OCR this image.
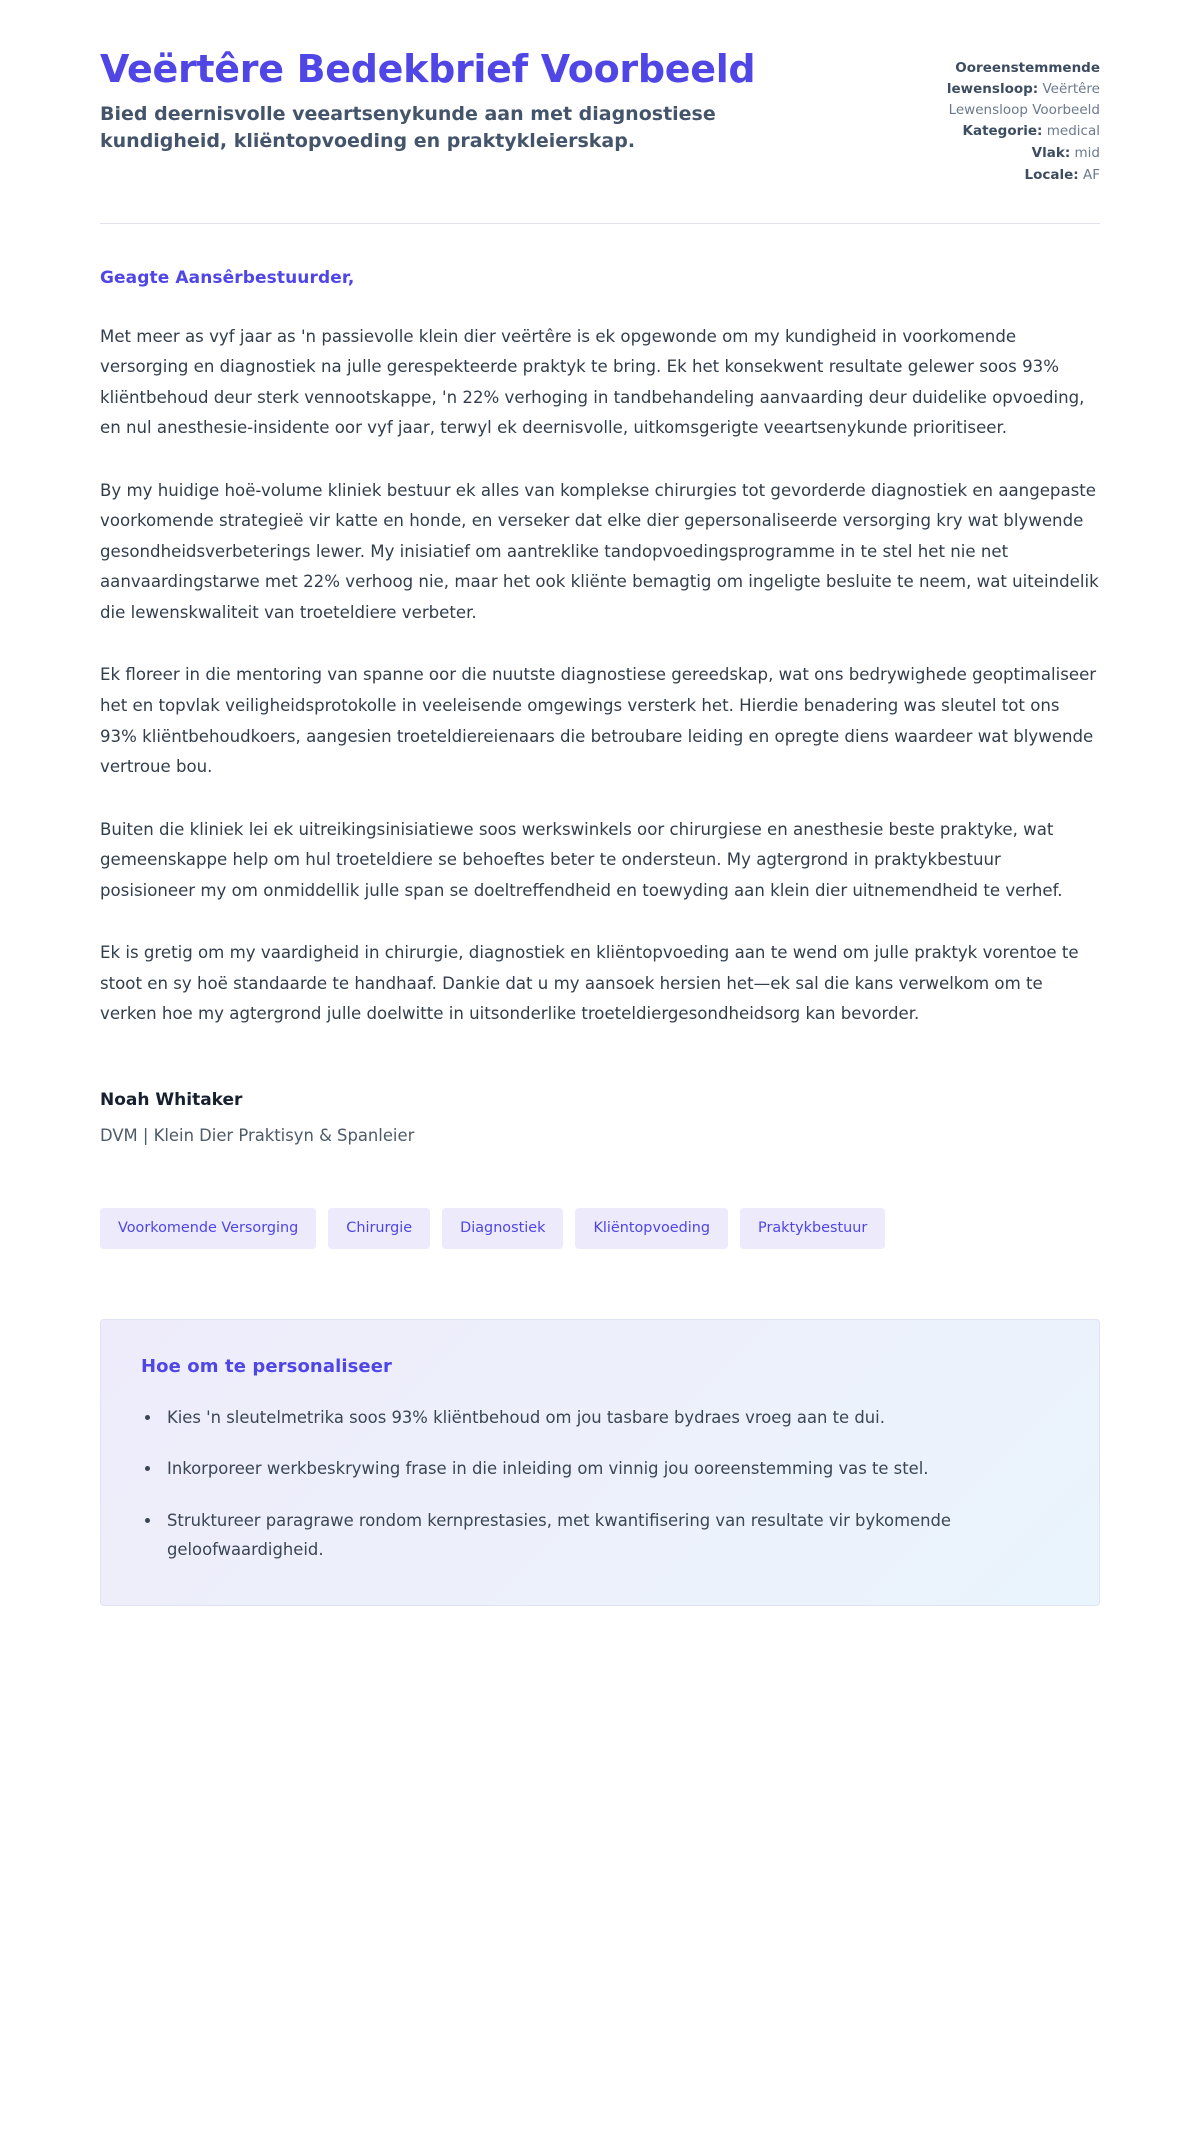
Veërtêre Bedekbrief Voorbeeld
Bied deernisvolle veeartsenykunde aan met diagnostiese kundigheid, kliëntopvoeding en praktykleierskap.
Ooreenstemmende lewensloop: Veërtêre Lewensloop Voorbeeld
Kategorie: medical
Vlak: mid
Locale: AF
Geagte Aansêrbestuurder,

Met meer as vyf jaar as 'n passievolle klein dier veërtêre is ek opgewonde om my kundigheid in voorkomende versorging en diagnostiek na julle gerespekteerde praktyk te bring. Ek het konsekwent resultate gelewer soos 93% kliëntbehoud deur sterk vennootskappe, 'n 22% verhoging in tandbehandeling aanvaarding deur duidelike opvoeding, en nul anesthesie-insidente oor vyf jaar, terwyl ek deernisvolle, uitkomsgerigte veeartsenykunde prioritiseer.

By my huidige hoë-volume kliniek bestuur ek alles van komplekse chirurgies tot gevorderde diagnostiek en aangepaste voorkomende strategieë vir katte en honde, en verseker dat elke dier gepersonaliseerde versorging kry wat blywende gesondheidsverbeterings lewer. My inisiatief om aantreklike tandopvoedingsprogramme in te stel het nie net aanvaardingstarwe met 22% verhoog nie, maar het ook kliënte bemagtig om ingeligte besluite te neem, wat uiteindelik die lewenskwaliteit van troeteldiere verbeter.

Ek floreer in die mentoring van spanne oor die nuutste diagnostiese gereedskap, wat ons bedrywighede geoptimaliseer het en topvlak veiligheidsprotokolle in veeleisende omgewings versterk het. Hierdie benadering was sleutel tot ons 93% kliëntbehoudkoers, aangesien troeteldiereienaars die betroubare leiding en opregte diens waardeer wat blywende vertroue bou.

Buiten die kliniek lei ek uitreikingsinisiatiewe soos werkswinkels oor chirurgiese en anesthesie beste praktyke, wat gemeenskappe help om hul troeteldiere se behoeftes beter te ondersteun. My agtergrond in praktykbestuur posisioneer my om onmiddellik julle span se doeltreffendheid en toewyding aan klein dier uitnemendheid te verhef.

Ek is gretig om my vaardigheid in chirurgie, diagnostiek en kliëntopvoeding aan te wend om julle praktyk vorentoe te stoot en sy hoë standaarde te handhaaf. Dankie dat u my aansoek hersien het—ek sal die kans verwelkom om te verken hoe my agtergrond julle doelwitte in uitsonderlike troeteldiergesondheidsorg kan bevorder.

Noah Whitaker
DVM | Klein Dier Praktisyn & Spanleier
Voorkomende Versorging	Chirurgie	Diagnostiek	Kliëntopvoeding	Praktykbestuur
Hoe om te personaliseer
Kies 'n sleutelmetrika soos 93% kliëntbehoud om jou tasbare bydraes vroeg aan te dui.
Inkorporeer werkbeskrywing frase in die inleiding om vinnig jou ooreenstemming vas te stel.
Struktureer paragrawe rondom kernprestasies, met kwantifisering van resultate vir bykomende geloofwaardigheid.
